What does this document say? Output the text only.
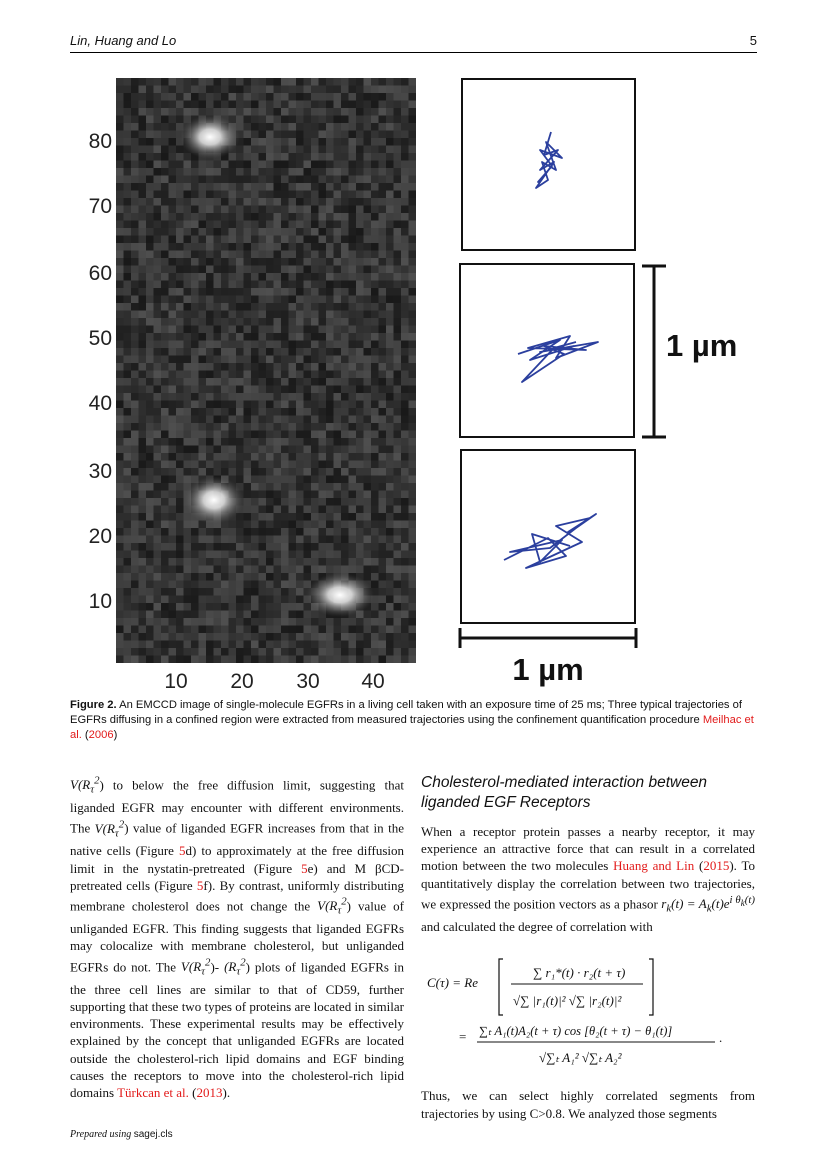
Lin, Huang and Lo	5
80
70
60
50
40
30
20
10
10 20 30 40
1 µm
1 µm
Figure 2. An EMCCD image of single-molecule EGFRs in a living cell taken with an exposure time of 25 ms; Three typical trajectories of EGFRs diffusing in a confined region were extracted from measured trajectories using the confinement quantification procedure Meilhac et al. (2006)

$V(R_\tau^2)$ to below the free diffusion limit, suggesting that liganded EGFR may encounter with different environments. The $V(R_\tau^2)$ value of liganded EGFR increases from that in the native cells (Figure 5d) to approximately at the free diffusion limit in the nystatin-pretreated (Figure 5e) and M βCD-pretreated cells (Figure 5f). By contrast, uniformly distributing membrane cholesterol does not change the $V(R_\tau^2)$ value of unliganded EGFR. This finding suggests that liganded EGFRs may colocalize with membrane cholesterol, but unliganded EGFRs do not. The $V(R_\tau^2)-$ $(R_\tau^2)$ plots of liganded EGFRs in the three cell lines are similar to that of CD59, further supporting that these two types of proteins are located in similar environments. These experimental results may be effectively explained by the concept that unliganded EGFRs are located outside the cholesterol-rich lipid domains and EGF binding causes the receptors to move into the cholesterol-rich lipid domains Türkcan et al. (2013).

Cholesterol-mediated interaction between liganded EGF Receptors

When a receptor protein passes a nearby receptor, it may experience an attractive force that can result in a correlated motion between the two molecules Huang and Lin (2015). To quantitatively display the correlation between two trajectories, we expressed the position vectors as a phasor $r_k(t) = A_k(t)e^{i \theta_k(t)}$ and calculated the degree of correlation with

C(τ) = Re
∑ r₁*(t) · r₂(t + τ)
√∑ |r₁(t)|² √∑ |r₂(t)|²
= ∑ₜ A₁(t)A₂(t + τ) cos [θ₂(t + τ) − θ₁(t)]
√∑ₜ A₁² √∑ₜ A₂²
.

Thus, we can select highly correlated segments from trajectories by using C>0.8. We analyzed those segments

Prepared using sagej.cls
